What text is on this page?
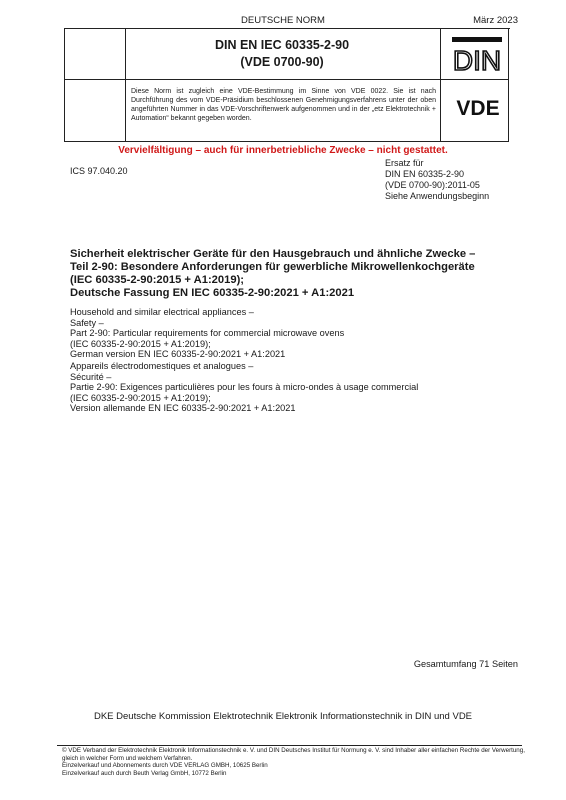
DEUTSCHE NORM	März 2023
DIN EN IEC 60335-2-90
(VDE 0700-90)	DIN
VDE
Diese Norm ist zugleich eine VDE-Bestimmung im Sinne von VDE 0022. Sie ist nach Durchführung des vom VDE-Präsidium beschlossenen Genehmigungsverfahrens unter der oben angeführten Nummer in das VDE-Vorschriftenwerk aufgenommen und in der „etz Elektrotechnik + Automation“ bekannt gegeben worden.
Vervielfältigung – auch für innerbetriebliche Zwecke – nicht gestattet.
ICS 97.040.20
Ersatz für
DIN EN 60335-2-90
(VDE 0700-90):2011-05
Siehe Anwendungsbeginn
Sicherheit elektrischer Geräte für den Hausgebrauch und ähnliche Zwecke –
Teil 2-90: Besondere Anforderungen für gewerbliche Mikrowellenkochgeräte
(IEC 60335-2-90:2015 + A1:2019);
Deutsche Fassung EN IEC 60335-2-90:2021 + A1:2021
Household and similar electrical appliances –
Safety –
Part 2-90: Particular requirements for commercial microwave ovens
(IEC 60335-2-90:2015 + A1:2019);
German version EN IEC 60335-2-90:2021 + A1:2021
Appareils électrodomestiques et analogues –
Sécurité –
Partie 2-90: Exigences particulières pour les fours à micro-ondes à usage commercial
(IEC 60335-2-90:2015 + A1:2019);
Version allemande EN IEC 60335-2-90:2021 + A1:2021
Gesamtumfang 71 Seiten
DKE Deutsche Kommission Elektrotechnik Elektronik Informationstechnik in DIN und VDE
© VDE Verband der Elektrotechnik Elektronik Informationstechnik e. V. und DIN Deutsches Institut für Normung e. V. sind Inhaber aller einfachen Rechte der Verwertung,
gleich in welcher Form und welchem Verfahren.
Einzelverkauf und Abonnements durch VDE VERLAG GMBH, 10625 Berlin
Einzelverkauf auch durch Beuth Verlag GmbH, 10772 Berlin
